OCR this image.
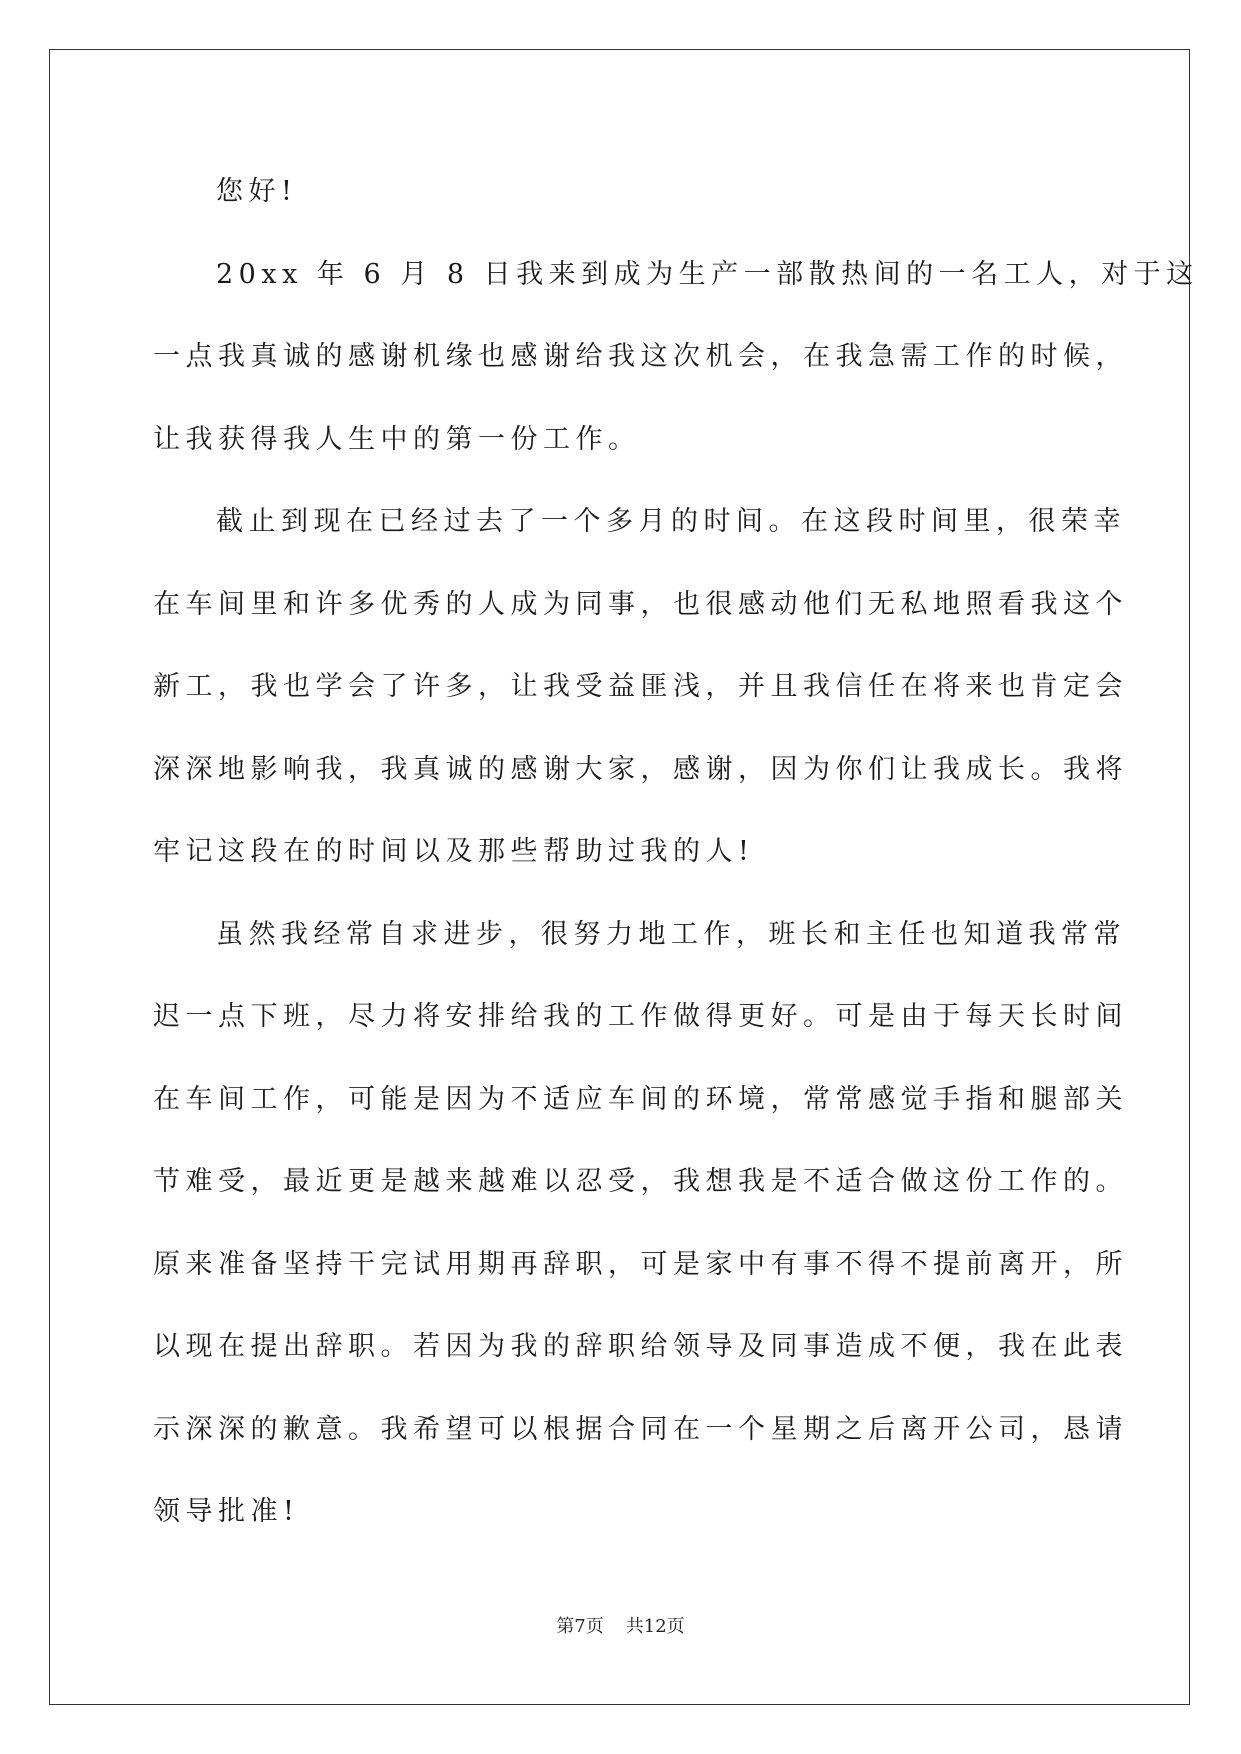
您好!

20xx 年 6 月 8 日我来到成为生产一部散热间的一名工人，对于这

一点我真诚的感谢机缘也感谢给我这次机会，在我急需工作的时候，

让我获得我人生中的第一份工作。

截止到现在已经过去了一个多月的时间。在这段时间里，很荣幸

在车间里和许多优秀的人成为同事，也很感动他们无私地照看我这个

新工，我也学会了许多，让我受益匪浅，并且我信任在将来也肯定会

深深地影响我，我真诚的感谢大家，感谢，因为你们让我成长。我将

牢记这段在的时间以及那些帮助过我的人!

虽然我经常自求进步，很努力地工作，班长和主任也知道我常常

迟一点下班，尽力将安排给我的工作做得更好。可是由于每天长时间

在车间工作，可能是因为不适应车间的环境，常常感觉手指和腿部关

节难受，最近更是越来越难以忍受，我想我是不适合做这份工作的。

原来准备坚持干完试用期再辞职，可是家中有事不得不提前离开，所

以现在提出辞职。若因为我的辞职给领导及同事造成不便，我在此表

示深深的歉意。我希望可以根据合同在一个星期之后离开公司，恳请

领导批准!

第7页 共12页
